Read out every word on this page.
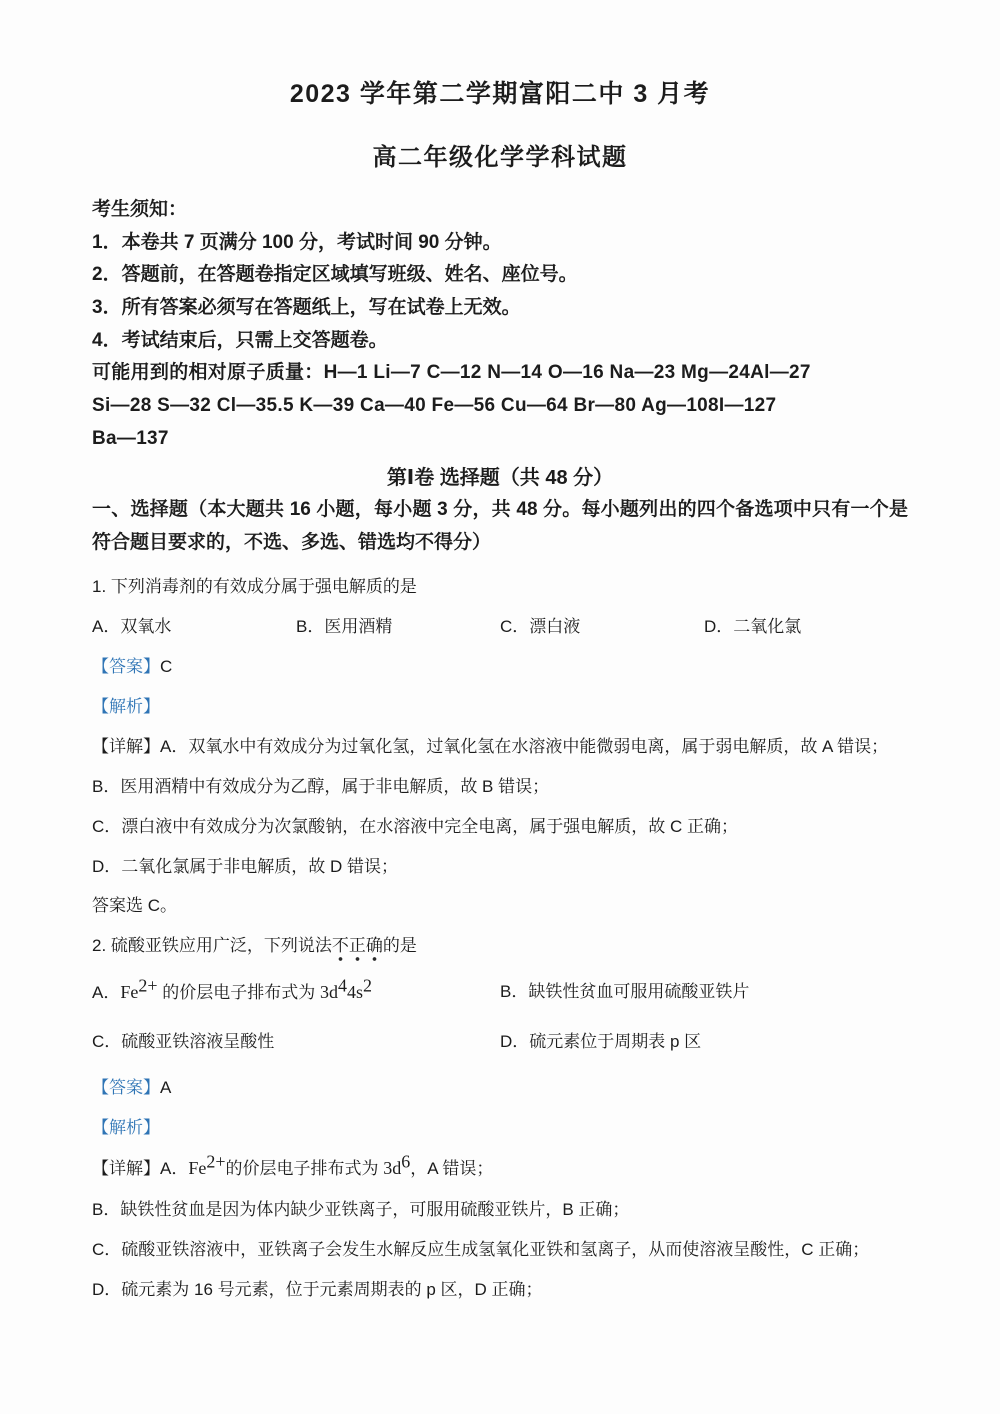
2023 学年第二学期富阳二中 3 月考
高二年级化学学科试题

考生须知：

1．本卷共 7 页满分 100 分，考试时间 90 分钟。

2．答题前，在答题卷指定区域填写班级、姓名、座位号。

3．所有答案必须写在答题纸上，写在试卷上无效。

4．考试结束后，只需上交答题卷。

可能用到的相对原子质量：H—1 Li—7 C—12 N—14 O—16 Na—23 Mg—24Al—27

Si—28 S—32 Cl—35.5 K—39 Ca—40 Fe—56 Cu—64 Br—80 Ag—108I—127

Ba—137

第Ⅰ卷 选择题（共 48 分）

一、选择题（本大题共 16 小题，每小题 3 分，共 48 分。每小题列出的四个备选项中只有一个是符合题目要求的，不选、多选、错选均不得分）

1. 下列消毒剂的有效成分属于强电解质的是

A．双氧水	B．医用酒精	C．漂白液	D．二氧化氯

【答案】C

【解析】

【详解】A．双氧水中有效成分为过氧化氢，过氧化氢在水溶液中能微弱电离，属于弱电解质，故 A 错误；

B．医用酒精中有效成分为乙醇，属于非电解质，故 B 错误；

C．漂白液中有效成分为次氯酸钠，在水溶液中完全电离，属于强电解质，故 C 正确；

D．二氧化氯属于非电解质，故 D 错误；

答案选 C。

2. 硫酸亚铁应用广泛，下列说法不正确的是

A．$Fe^{2+}$ 的价层电子排布式为 $3d^44s^2$	B．缺铁性贫血可服用硫酸亚铁片
C．硫酸亚铁溶液呈酸性	D．硫元素位于周期表 p 区

【答案】A

【解析】

【详解】A．$Fe^{2+}$的价层电子排布式为 $3d^6$，A 错误；

B．缺铁性贫血是因为体内缺少亚铁离子，可服用硫酸亚铁片，B 正确；

C．硫酸亚铁溶液中，亚铁离子会发生水解反应生成氢氧化亚铁和氢离子，从而使溶液呈酸性，C 正确；

D．硫元素为 16 号元素，位于元素周期表的 p 区，D 正确；
